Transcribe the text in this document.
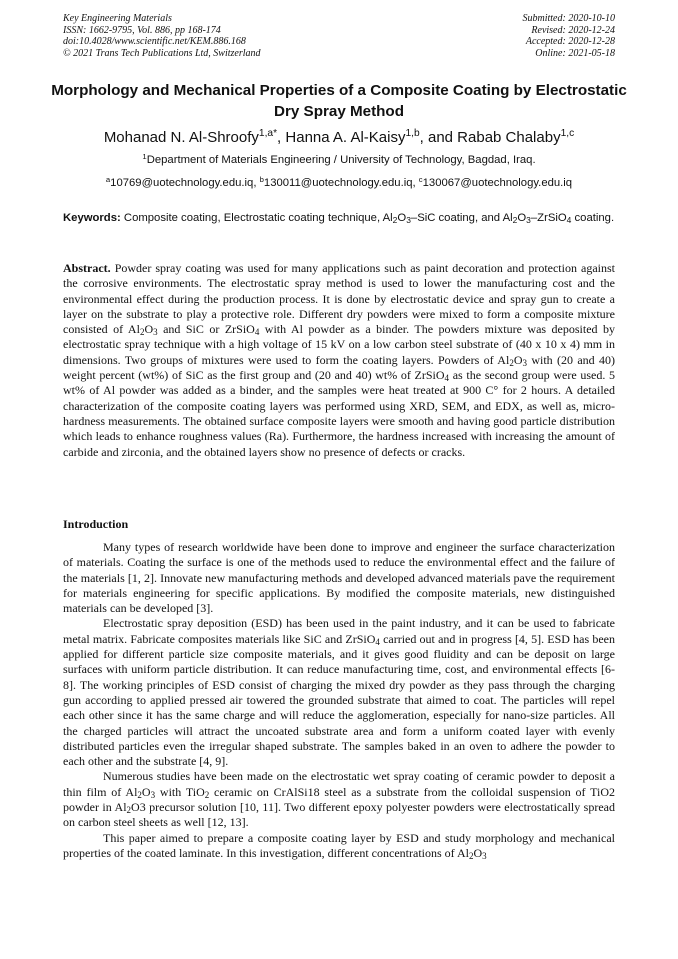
Key Engineering Materials
ISSN: 1662-9795, Vol. 886, pp 168-174
doi:10.4028/www.scientific.net/KEM.886.168
© 2021 Trans Tech Publications Ltd, Switzerland
Submitted: 2020-10-10
Revised: 2020-12-24
Accepted: 2020-12-28
Online: 2021-05-18
Morphology and Mechanical Properties of a Composite Coating by Electrostatic Dry Spray Method
Mohanad N. Al-Shroofy$^{1,a*}$, Hanna A. Al-Kaisy$^{1,b}$, and Rabab Chalaby$^{1,c}$
$^1$Department of Materials Engineering / University of Technology, Bagdad, Iraq.
$^a$10769@uotechnology.edu.iq, $^b$130011@uotechnology.edu.iq, $^c$130067@uotechnology.edu.iq
Keywords: Composite coating, Electrostatic coating technique, $Al_2O_3$–SiC coating, and $Al_2O_3-ZrSiO_4$ coating.
Abstract. Powder spray coating was used for many applications such as paint decoration and protection against the corrosive environments. The electrostatic spray method is used to lower the manufacturing cost and the environmental effect during the production process. It is done by electrostatic device and spray gun to create a layer on the substrate to play a protective role. Different dry powders were mixed to form a composite mixture consisted of $Al_2O_3$ and SiC or ZrSiO$_4$ with Al powder as a binder. The powders mixture was deposited by electrostatic spray technique with a high voltage of 15 kV on a low carbon steel substrate of (40 x 10 x 4) mm in dimensions. Two groups of mixtures were used to form the coating layers. Powders of $Al_2O_3$ with (20 and 40) weight percent (wt%) of SiC as the first group and (20 and 40) wt% of ZrSiO$_4$ as the second group were used. 5 wt% of Al powder was added as a binder, and the samples were heat treated at 900 C° for 2 hours. A detailed characterization of the composite coating layers was performed using XRD, SEM, and EDX, as well as, micro-hardness measurements. The obtained surface composite layers were smooth and having good particle distribution which leads to enhance roughness values (Ra). Furthermore, the hardness increased with increasing the amount of carbide and zirconia, and the obtained layers show no presence of defects or cracks.
Introduction

Many types of research worldwide have been done to improve and engineer the surface characterization of materials. Coating the surface is one of the methods used to reduce the environmental effect and the failure of the materials [1, 2]. Innovate new manufacturing methods and developed advanced materials pave the requirement for materials engineering for specific applications. By modified the composite materials, new distinguished materials can be developed [3].

Electrostatic spray deposition (ESD) has been used in the paint industry, and it can be used to fabricate metal matrix. Fabricate composites materials like SiC and ZrSiO$_4$ carried out and in progress [4, 5]. ESD has been applied for different particle size composite materials, and it gives good fluidity and can be deposit on large surfaces with uniform particle distribution. It can reduce manufacturing time, cost, and environmental effects [6-8]. The working principles of ESD consist of charging the mixed dry powder as they pass through the charging gun according to applied pressed air towered the grounded substrate that aimed to coat. The particles will repel each other since it has the same charge and will reduce the agglomeration, especially for nano-size particles. All the charged particles will attract the uncoated substrate area and form a uniform coated layer with evenly distributed particles even the irregular shaped substrate. The samples baked in an oven to adhere the powder to each other and the substrate [4, 9].

Numerous studies have been made on the electrostatic wet spray coating of ceramic powder to deposit a thin film of $Al_2O_3$ with TiO$_2$ ceramic on CrAlSi18 steel as a substrate from the colloidal suspension of TiO2 powder in $Al_2O3$ precursor solution [10, 11]. Two different epoxy polyester powders were electrostatically spread on carbon steel sheets as well [12, 13].

This paper aimed to prepare a composite coating layer by ESD and study morphology and mechanical properties of the coated laminate. In this investigation, different concentrations of $Al_2O_3$
